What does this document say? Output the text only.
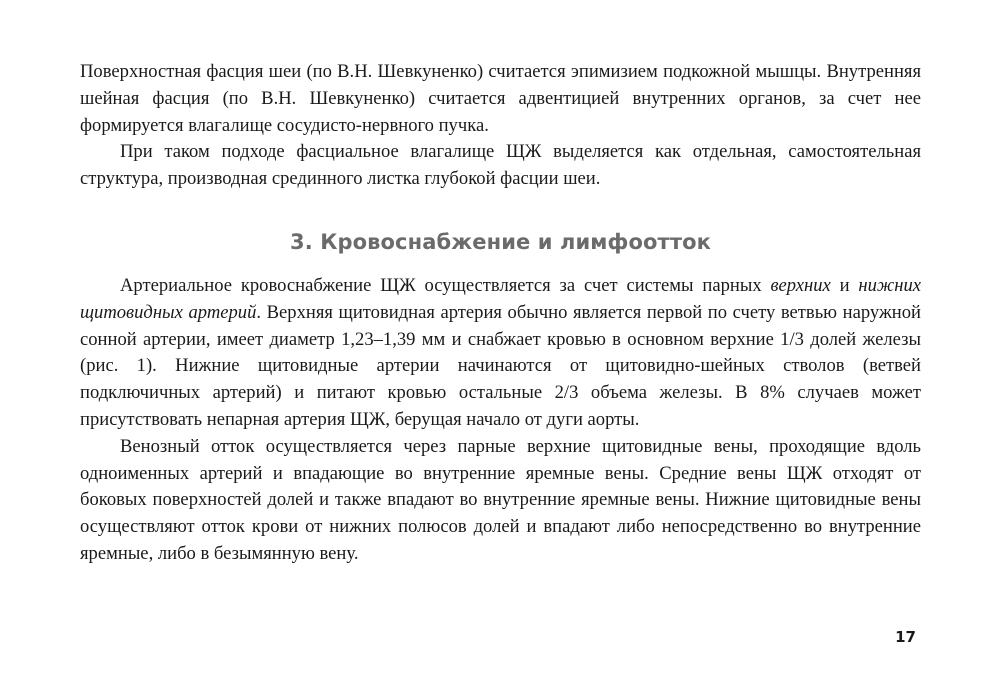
Поверхностная фасция шеи (по В.Н. Шевкуненко) считается эпимизием подкожной мышцы. Внутренняя шейная фасция (по В.Н. Шевкуненко) считается адвентицией внутренних органов, за счет нее формируется влагалище сосудисто-нервного пучка.

При таком подходе фасциальное влагалище ЩЖ выделяется как отдельная, самостоятельная структура, производная срединного листка глубокой фасции шеи.

3. Кровоснабжение и лимфоотток

Артериальное кровоснабжение ЩЖ осуществляется за счет системы парных верхних и нижних щитовидных артерий. Верхняя щитовидная артерия обычно является первой по счету ветвью наружной сонной артерии, имеет диаметр 1,23–1,39 мм и снабжает кровью в основном верхние 1/3 долей железы (рис. 1). Нижние щитовидные артерии начинаются от щитовидно-шейных стволов (ветвей подключичных артерий) и питают кровью остальные 2/3 объема железы. В 8% случаев может присутствовать непарная артерия ЩЖ, берущая начало от дуги аорты.

Венозный отток осуществляется через парные верхние щитовидные вены, проходящие вдоль одноименных артерий и впадающие во внутренние яремные вены. Средние вены ЩЖ отходят от боковых поверхностей долей и также впадают во внутренние яремные вены. Нижние щитовидные вены осуществляют отток крови от нижних полюсов долей и впадают либо непосредственно во внутренние яремные, либо в безымянную вену.

17
